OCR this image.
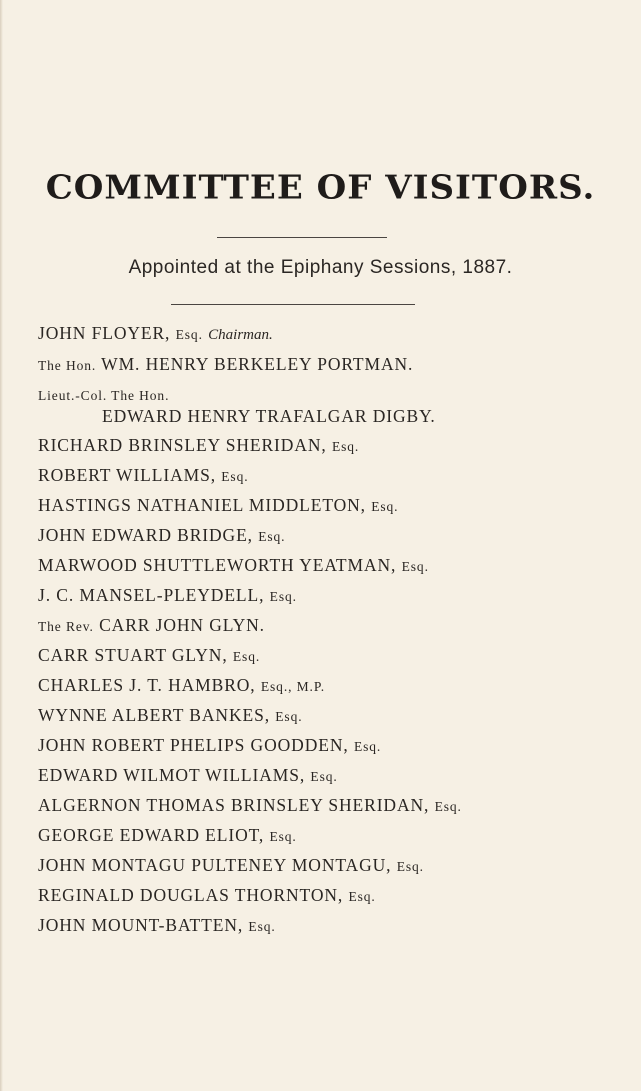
COMMITTEE OF VISITORS.
Appointed at the Epiphany Sessions, 1887.
JOHN FLOYER, Esq. Chairman.
The Hon. WM. HENRY BERKELEY PORTMAN.
Lieut.-Col. The Hon.
EDWARD HENRY TRAFALGAR DIGBY.
RICHARD BRINSLEY SHERIDAN, Esq.
ROBERT WILLIAMS, Esq.
HASTINGS NATHANIEL MIDDLETON, Esq.
JOHN EDWARD BRIDGE, Esq.
MARWOOD SHUTTLEWORTH YEATMAN, Esq.
J. C. MANSEL-PLEYDELL, Esq.
The Rev. CARR JOHN GLYN.
CARR STUART GLYN, Esq.
CHARLES J. T. HAMBRO, Esq., M.P.
WYNNE ALBERT BANKES, Esq.
JOHN ROBERT PHELIPS GOODDEN, Esq.
EDWARD WILMOT WILLIAMS, Esq.
ALGERNON THOMAS BRINSLEY SHERIDAN, Esq.
GEORGE EDWARD ELIOT, Esq.
JOHN MONTAGU PULTENEY MONTAGU, Esq.
REGINALD DOUGLAS THORNTON, Esq.
JOHN MOUNT-BATTEN, Esq.
